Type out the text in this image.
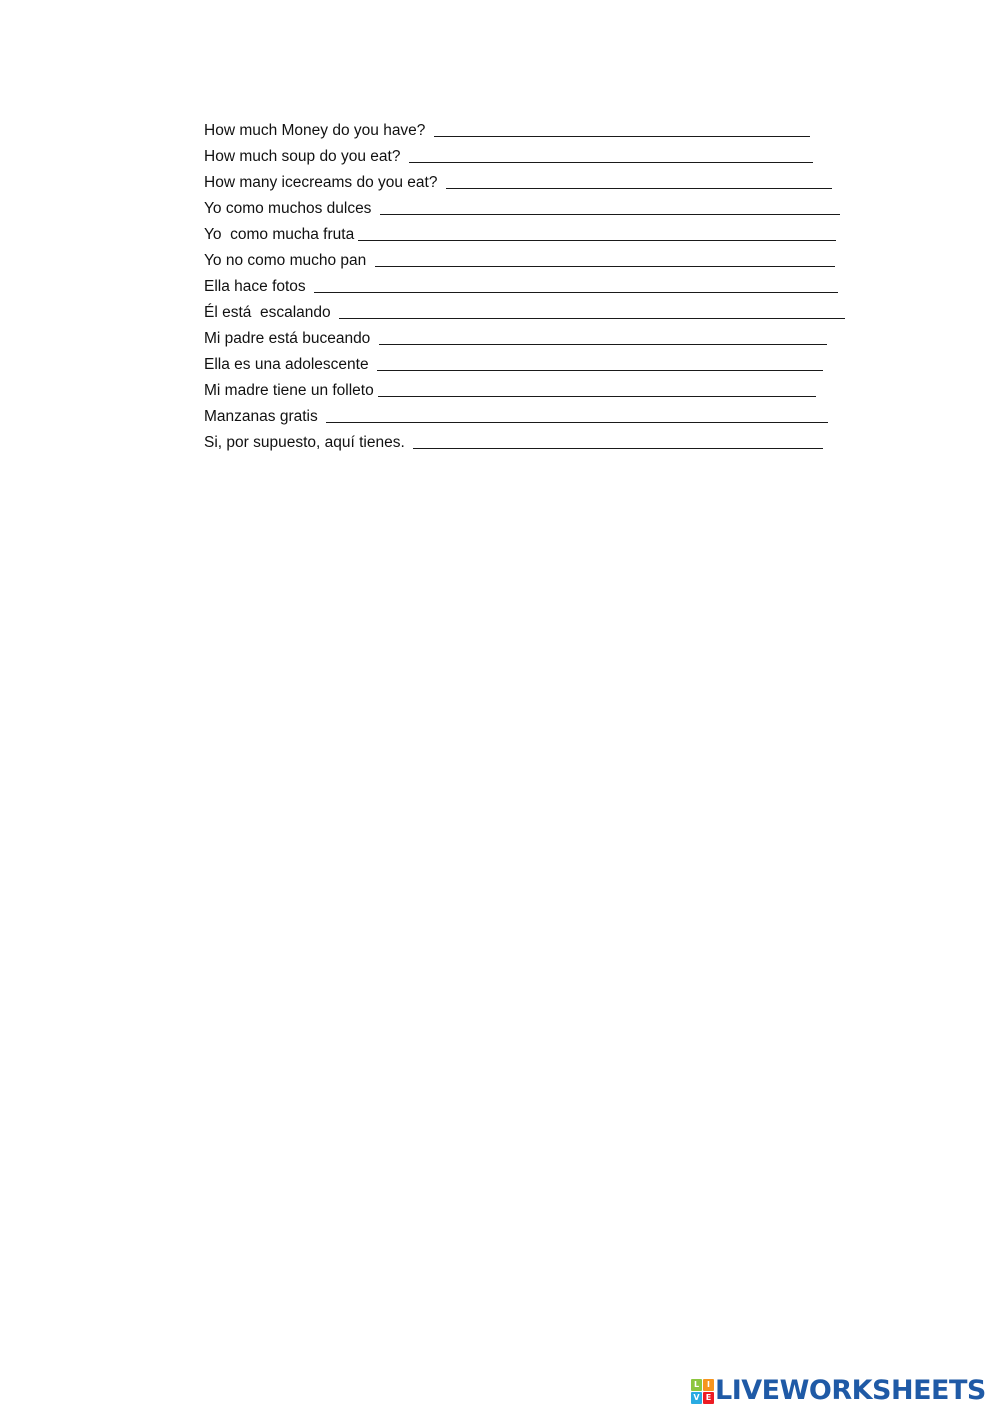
How much Money do you have?
How much soup do you eat?
How many icecreams do you eat?
Yo como muchos dulces
Yo  como mucha fruta
Yo no como mucho pan
Ella hace fotos
Él está  escalando
Mi padre está buceando
Ella es una adolescente
Mi madre tiene un folleto
Manzanas gratis
Si, por supuesto, aquí tienes.
L I
V E LIVEWORKSHEETS
